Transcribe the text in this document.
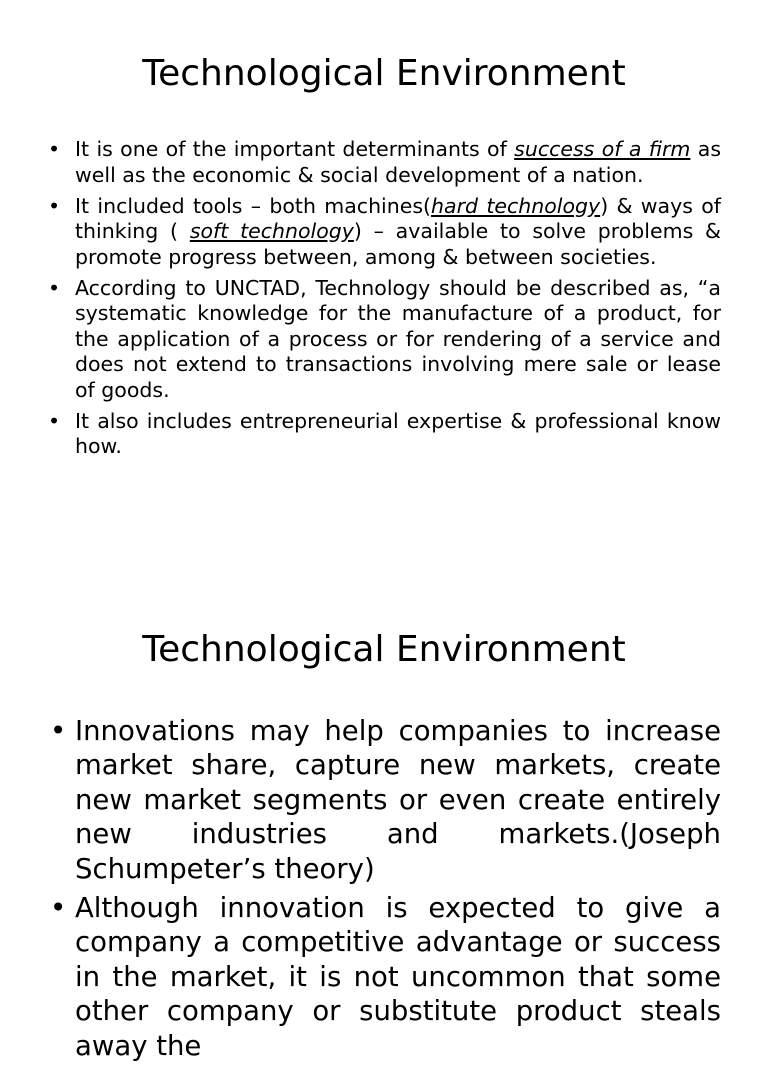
Technological Environment
• It is one of the important determinants of success of a firm as well as the economic & social development of a nation.
• It included tools – both machines(hard technology) & ways of thinking ( soft technology) – available to solve problems & promote progress between, among & between societies.
• According to UNCTAD, Technology should be described as, “a systematic knowledge for the manufacture of a product, for the application of a process or for rendering of a service and does not extend to transactions involving mere sale or lease of goods.
• It also includes entrepreneurial expertise & professional know how.
Technological Environment
• Innovations may help companies to increase market share, capture new markets, create new market segments or even create entirely new industries and markets.(Joseph Schumpeter’s theory)
• Although innovation is expected to give a company a competitive advantage or success in the market, it is not uncommon that some other company or substitute product steals away the
